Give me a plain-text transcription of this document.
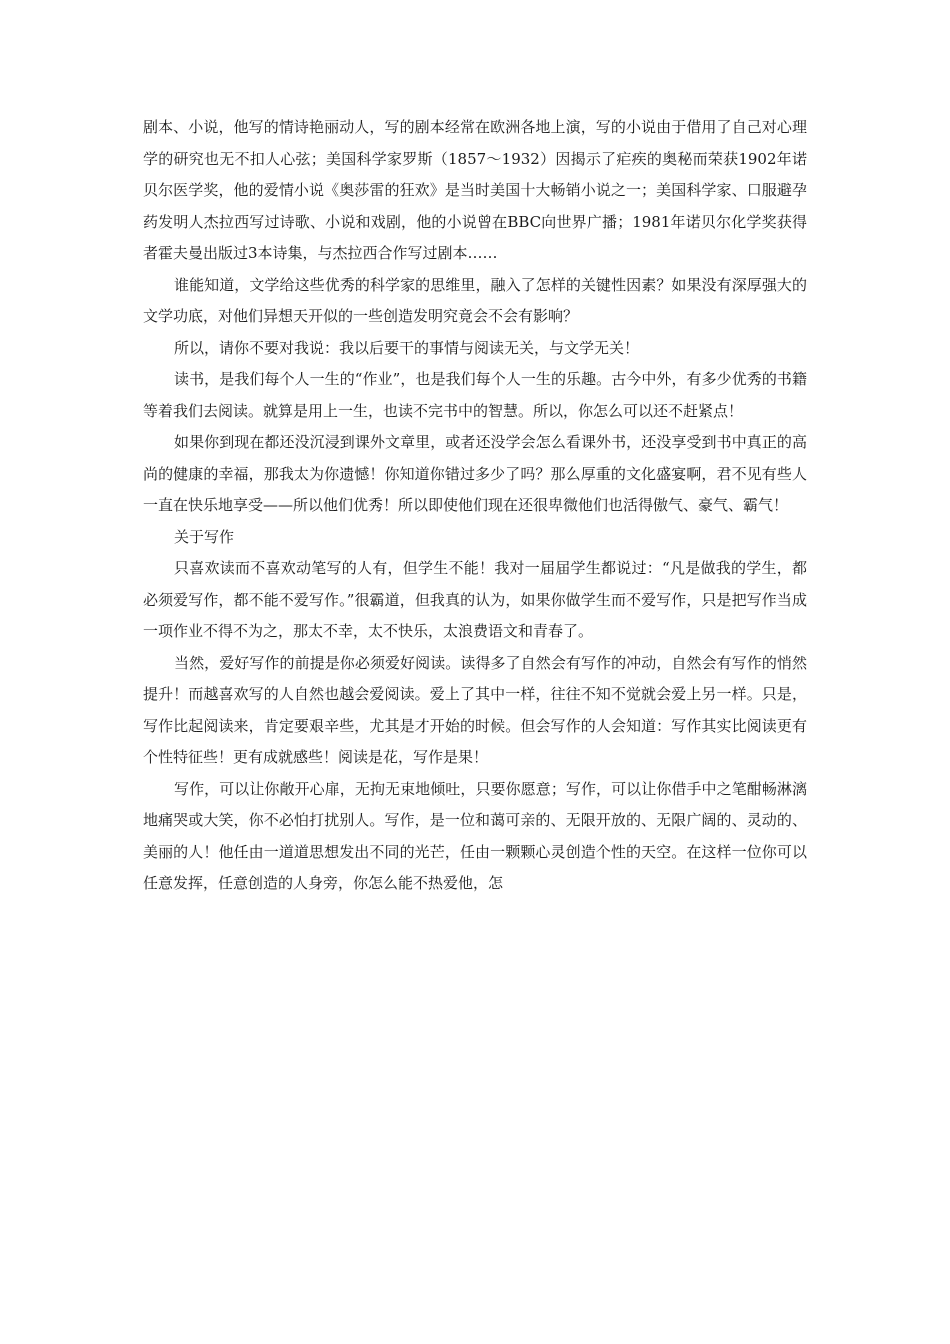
剧本、小说，他写的情诗艳丽动人，写的剧本经常在欧洲各地上演，写的小说由于借用了自己对心理学的研究也无不扣人心弦；美国科学家罗斯（1857～1932）因揭示了疟疾的奥秘而荣获1902年诺贝尔医学奖，他的爱情小说《奥莎雷的狂欢》是当时美国十大畅销小说之一；美国科学家、口服避孕药发明人杰拉西写过诗歌、小说和戏剧，他的小说曾在BBC向世界广播；1981年诺贝尔化学奖获得者霍夫曼出版过3本诗集，与杰拉西合作写过剧本……

谁能知道，文学给这些优秀的科学家的思维里，融入了怎样的关键性因素？如果没有深厚强大的文学功底，对他们异想天开似的一些创造发明究竟会不会有影响？

所以，请你不要对我说：我以后要干的事情与阅读无关，与文学无关！

读书，是我们每个人一生的“作业”，也是我们每个人一生的乐趣。古今中外，有多少优秀的书籍等着我们去阅读。就算是用上一生，也读不完书中的智慧。所以，你怎么可以还不赶紧点！

如果你到现在都还没沉浸到课外文章里，或者还没学会怎么看课外书，还没享受到书中真正的高尚的健康的幸福，那我太为你遗憾！你知道你错过多少了吗？那么厚重的文化盛宴啊，君不见有些人一直在快乐地享受——所以他们优秀！所以即使他们现在还很卑微他们也活得傲气、豪气、霸气！

关于写作

只喜欢读而不喜欢动笔写的人有，但学生不能！我对一届届学生都说过：“凡是做我的学生，都必须爱写作，都不能不爱写作。”很霸道，但我真的认为，如果你做学生而不爱写作，只是把写作当成一项作业不得不为之，那太不幸，太不快乐，太浪费语文和青春了。

当然，爱好写作的前提是你必须爱好阅读。读得多了自然会有写作的冲动，自然会有写作的悄然提升！而越喜欢写的人自然也越会爱阅读。爱上了其中一样，往往不知不觉就会爱上另一样。只是，写作比起阅读来，肯定要艰辛些，尤其是才开始的时候。但会写作的人会知道：写作其实比阅读更有个性特征些！更有成就感些！阅读是花，写作是果！

写作，可以让你敞开心扉，无拘无束地倾吐，只要你愿意；写作，可以让你借手中之笔酣畅淋漓地痛哭或大笑，你不必怕打扰别人。写作，是一位和蔼可亲的、无限开放的、无限广阔的、灵动的、美丽的人！他任由一道道思想发出不同的光芒，任由一颗颗心灵创造个性的天空。在这样一位你可以任意发挥，任意创造的人身旁，你怎么能不热爱他，怎
